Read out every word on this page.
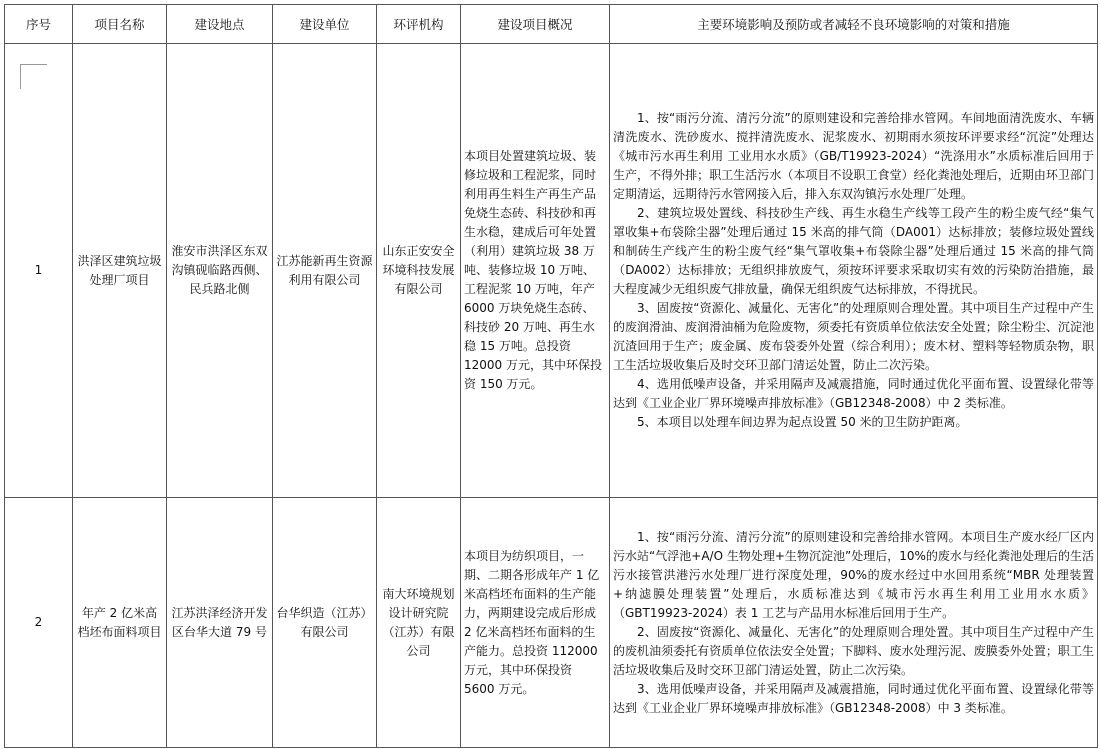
序号	项目名称	建设地点	建设单位	环评机构	建设项目概况	主要环境影响及预防或者减轻不良环境影响的对策和措施
1	洪泽区建筑垃圾处理厂项目	淮安市洪泽区东双沟镇砚临路西侧、民兵路北侧	江苏能新再生资源利用有限公司	山东正安安全环境科技发展有限公司	本项目处置建筑垃圾、装修垃圾和工程泥浆，同时利用再生料生产再生产品免烧生态砖、科技砂和再生水稳，建成后可年处置（利用）建筑垃圾 38 万吨、装修垃圾 10 万吨、工程泥浆 10 万吨，年产 6000 万块免烧生态砖、科技砂 20 万吨、再生水稳 15 万吨。总投资 12000 万元，其中环保投资 150 万元。	1、按“雨污分流、清污分流”的原则建设和完善给排水管网。车间地面清洗废水、车辆清洗废水、洗砂废水、搅拌清洗废水、泥浆废水、初期雨水须按环评要求经“沉淀”处理达《城市污水再生利用 工业用水水质》（GB/T19923-2024）“洗涤用水”水质标准后回用于生产，不得外排；职工生活污水（本项目不设职工食堂）经化粪池处理后，近期由环卫部门定期清运，远期待污水管网接入后，排入东双沟镇污水处理厂处理。

2、建筑垃圾处置线、科技砂生产线、再生水稳生产线等工段产生的粉尘废气经“集气罩收集+布袋除尘器”处理后通过 15 米高的排气筒（DA001）达标排放；装修垃圾处置线和制砖生产线产生的粉尘废气经“集气罩收集+布袋除尘器”处理后通过 15 米高的排气筒（DA002）达标排放；无组织排放废气，须按环评要求采取切实有效的污染防治措施，最大程度减少无组织废气排放量，确保无组织废气达标排放，不得扰民。

3、固废按“资源化、减量化、无害化”的处理原则合理处置。其中项目生产过程中产生的废润滑油、废润滑油桶为危险废物，须委托有资质单位依法安全处置；除尘粉尘、沉淀池沉渣回用于生产；废金属、废布袋委外处置（综合利用）；废木材、塑料等轻物质杂物，职工生活垃圾收集后及时交环卫部门清运处置，防止二次污染。

4、选用低噪声设备，并采用隔声及减震措施，同时通过优化平面布置、设置绿化带等达到《工业企业厂界环境噪声排放标准》（GB12348-2008）中 2 类标准。

5、本项目以处理车间边界为起点设置 50 米的卫生防护距离。

2	年产 2 亿米高档坯布面料项目	江苏洪泽经济开发区台华大道 79 号	台华织造（江苏）有限公司	南大环境规划设计研究院（江苏）有限公司	本项目为纺织项目，一期、二期各形成年产 1 亿米高档坯布面料的生产能力，两期建设完成后形成 2 亿米高档坯布面料的生产能力。总投资 112000 万元，其中环保投资 5600 万元。	1、按“雨污分流、清污分流”的原则建设和完善给排水管网。本项目生产废水经厂区内污水站“气浮池+A/O 生物处理+生物沉淀池”处理后，10%的废水与经化粪池处理后的生活污水接管洪港污水处理厂进行深度处理，90%的废水经过中水回用系统“MBR 处理装置+纳滤膜处理装置”处理后，水质标准达到《城市污水再生利用工业用水水质》（GBT19923-2024）表 1 工艺与产品用水标准后回用于生产。

2、固废按“资源化、减量化、无害化”的处理原则合理处置。其中项目生产过程中产生的废机油须委托有资质单位依法安全处置；下脚料、废水处理污泥、废膜委外处置；职工生活垃圾收集后及时交环卫部门清运处置，防止二次污染。

3、选用低噪声设备，并采用隔声及减震措施，同时通过优化平面布置、设置绿化带等达到《工业企业厂界环境噪声排放标准》（GB12348-2008）中 3 类标准。
